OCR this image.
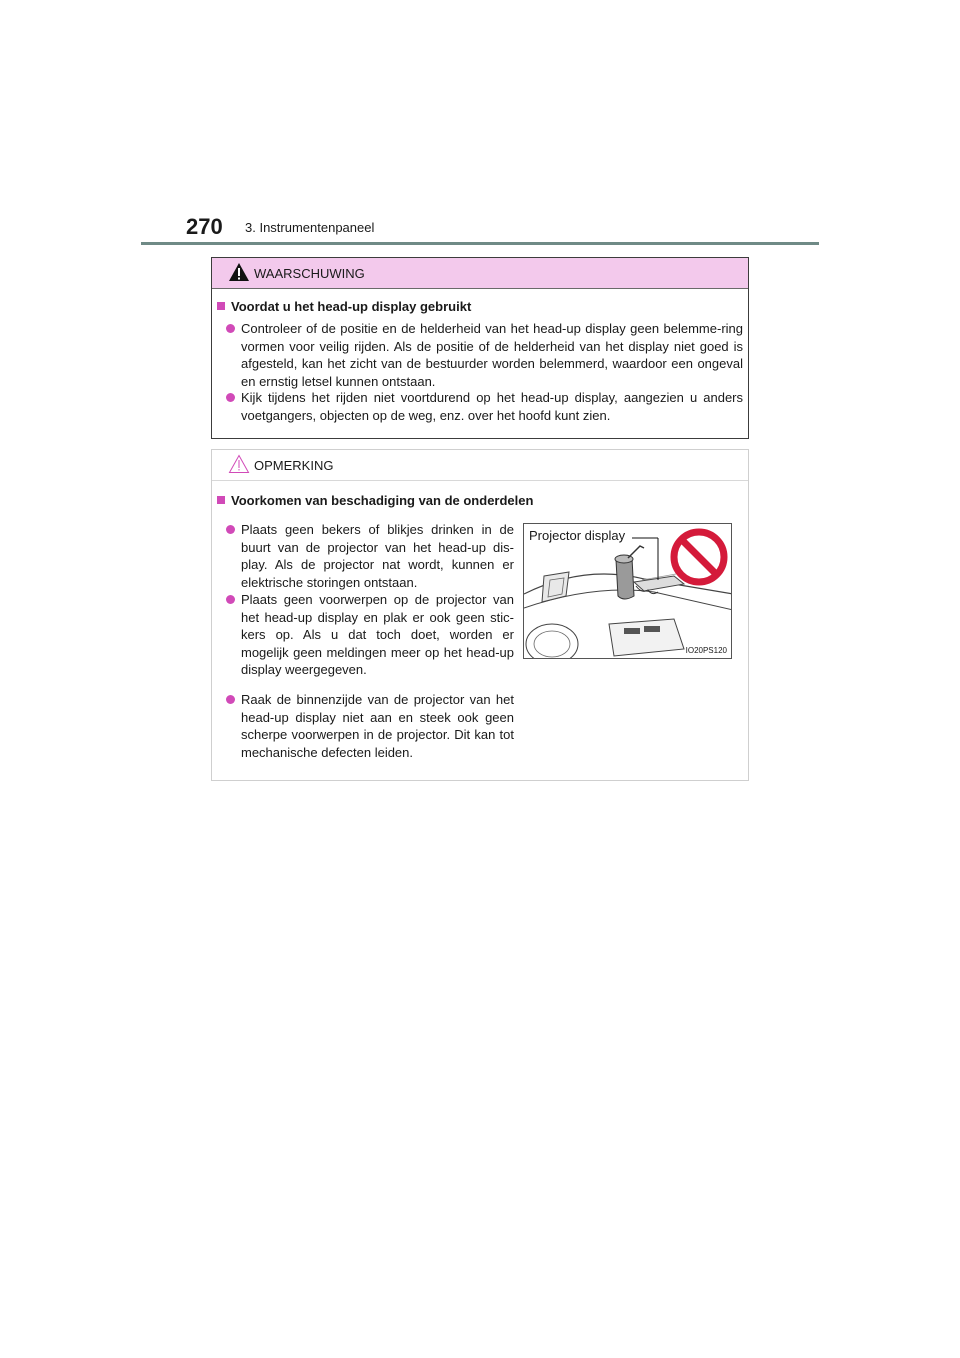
270 3. Instrumentenpaneel
WAARSCHUWING
Voordat u het head-up display gebruikt
Controleer of de positie en de helderheid van het head-up display geen belemme-ring vormen voor veilig rijden. Als de positie of de helderheid van het display niet goed is afgesteld, kan het zicht van de bestuurder worden belemmerd, waardoor een ongeval en ernstig letsel kunnen ontstaan.
Kijk tijdens het rijden niet voortdurend op het head-up display, aangezien u anders voetgangers, objecten op de weg, enz. over het hoofd kunt zien.
OPMERKING
Voorkomen van beschadiging van de onderdelen
Plaats geen bekers of blikjes drinken in de buurt van de projector van het head-up dis-play. Als de projector nat wordt, kunnen er elektrische storingen ontstaan.
Plaats geen voorwerpen op de projector van het head-up display en plak er ook geen stic-kers op. Als u dat toch doet, worden er mogelijk geen meldingen meer op het head-up display weergegeven.
Raak de binnenzijde van de projector van het head-up display niet aan en steek ook geen scherpe voorwerpen in de projector. Dit kan tot mechanische defecten leiden.
Projector display
IO20PS120
